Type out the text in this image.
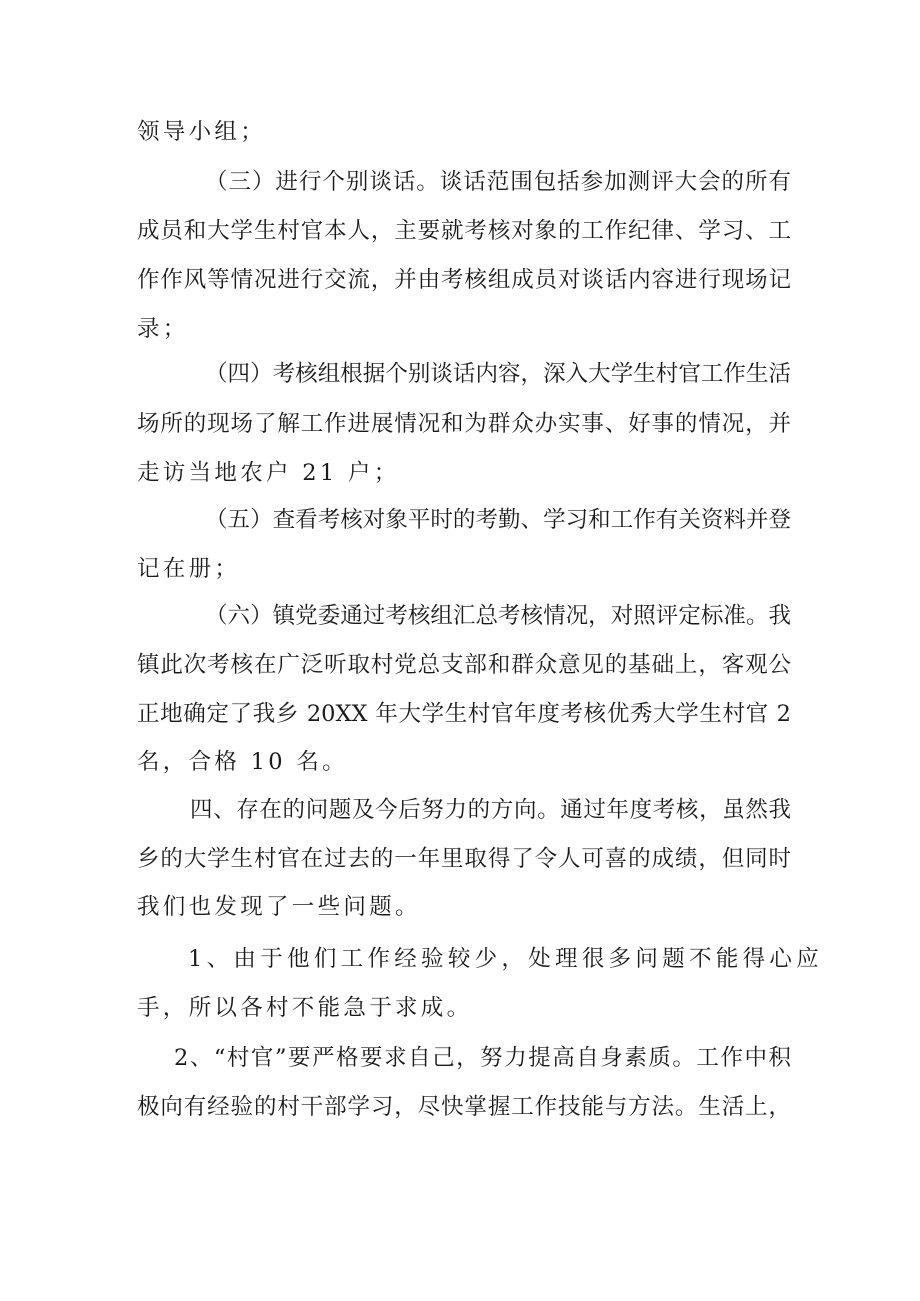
领导小组；
（三）进行个别谈话。谈话范围包括参加测评大会的所有
成员和大学生村官本人，主要就考核对象的工作纪律、学习、工
作作风等情况进行交流，并由考核组成员对谈话内容进行现场记
录；
（四）考核组根据个别谈话内容，深入大学生村官工作生活
场所的现场了解工作进展情况和为群众办实事、好事的情况，并
走访当地农户 21 户；
（五）查看考核对象平时的考勤、学习和工作有关资料并登
记在册；
（六）镇党委通过考核组汇总考核情况，对照评定标准。我
镇此次考核在广泛听取村党总支部和群众意见的基础上，客观公
正地确定了我乡 20XX 年大学生村官年度考核优秀大学生村官 2
名，合格 10 名。
四、存在的问题及今后努力的方向。通过年度考核，虽然我
乡的大学生村官在过去的一年里取得了令人可喜的成绩，但同时
我们也发现了一些问题。
1、由于他们工作经验较少，处理很多问题不能得心应
手，所以各村不能急于求成。
2、“村官”要严格要求自己，努力提高自身素质。工作中积
极向有经验的村干部学习，尽快掌握工作技能与方法。生活上，
